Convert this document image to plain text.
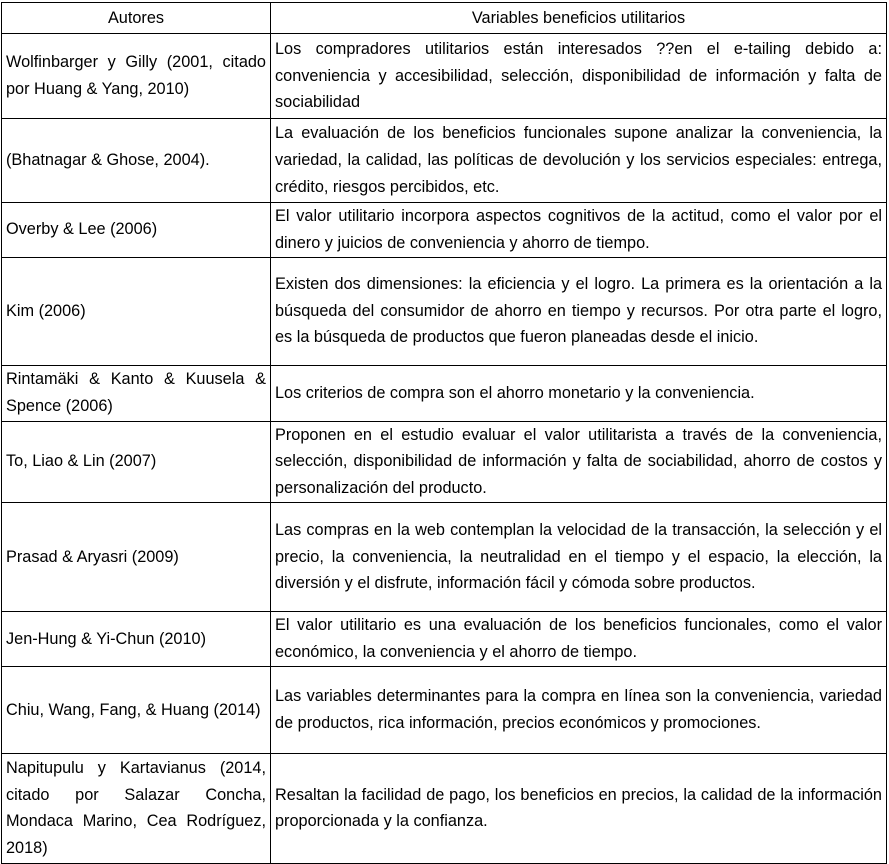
Autores	Variables beneficios utilitarios
Wolfinbarger y Gilly (2001, citado por Huang & Yang, 2010)	Los compradores utilitarios están interesados ??en el e-tailing debido a: conveniencia y accesibilidad, selección, disponibilidad de información y falta de sociabilidad
(Bhatnagar & Ghose, 2004).	La evaluación de los beneficios funcionales supone analizar la conveniencia, la variedad, la calidad, las políticas de devolución y los servicios especiales: entrega, crédito, riesgos percibidos, etc.
Overby & Lee (2006)	El valor utilitario incorpora aspectos cognitivos de la actitud, como el valor por el dinero y juicios de conveniencia y ahorro de tiempo.
Kim (2006)	Existen dos dimensiones: la eficiencia y el logro. La primera es la orientación a la búsqueda del consumidor de ahorro en tiempo y recursos. Por otra parte el logro, es la búsqueda de productos que fueron planeadas desde el inicio.
Rintamäki & Kanto & Kuusela & Spence (2006)	Los criterios de compra son el ahorro monetario y la conveniencia.
To, Liao & Lin (2007)	Proponen en el estudio evaluar el valor utilitarista a través de la conveniencia, selección, disponibilidad de información y falta de sociabilidad, ahorro de costos y personalización del producto.
Prasad & Aryasri (2009)	Las compras en la web contemplan la velocidad de la transacción, la selección y el precio, la conveniencia, la neutralidad en el tiempo y el espacio, la elección, la diversión y el disfrute, información fácil y cómoda sobre productos.
Jen-Hung & Yi-Chun (2010)	El valor utilitario es una evaluación de los beneficios funcionales, como el valor económico, la conveniencia y el ahorro de tiempo.
Chiu, Wang, Fang, & Huang (2014)	Las variables determinantes para la compra en línea son la conveniencia, variedad de productos, rica información, precios económicos y promociones.
Napitupulu y Kartavianus (2014, citado por Salazar Concha, Mondaca Marino, Cea Rodríguez, 2018)	Resaltan la facilidad de pago, los beneficios en precios, la calidad de la información proporcionada y la confianza.
